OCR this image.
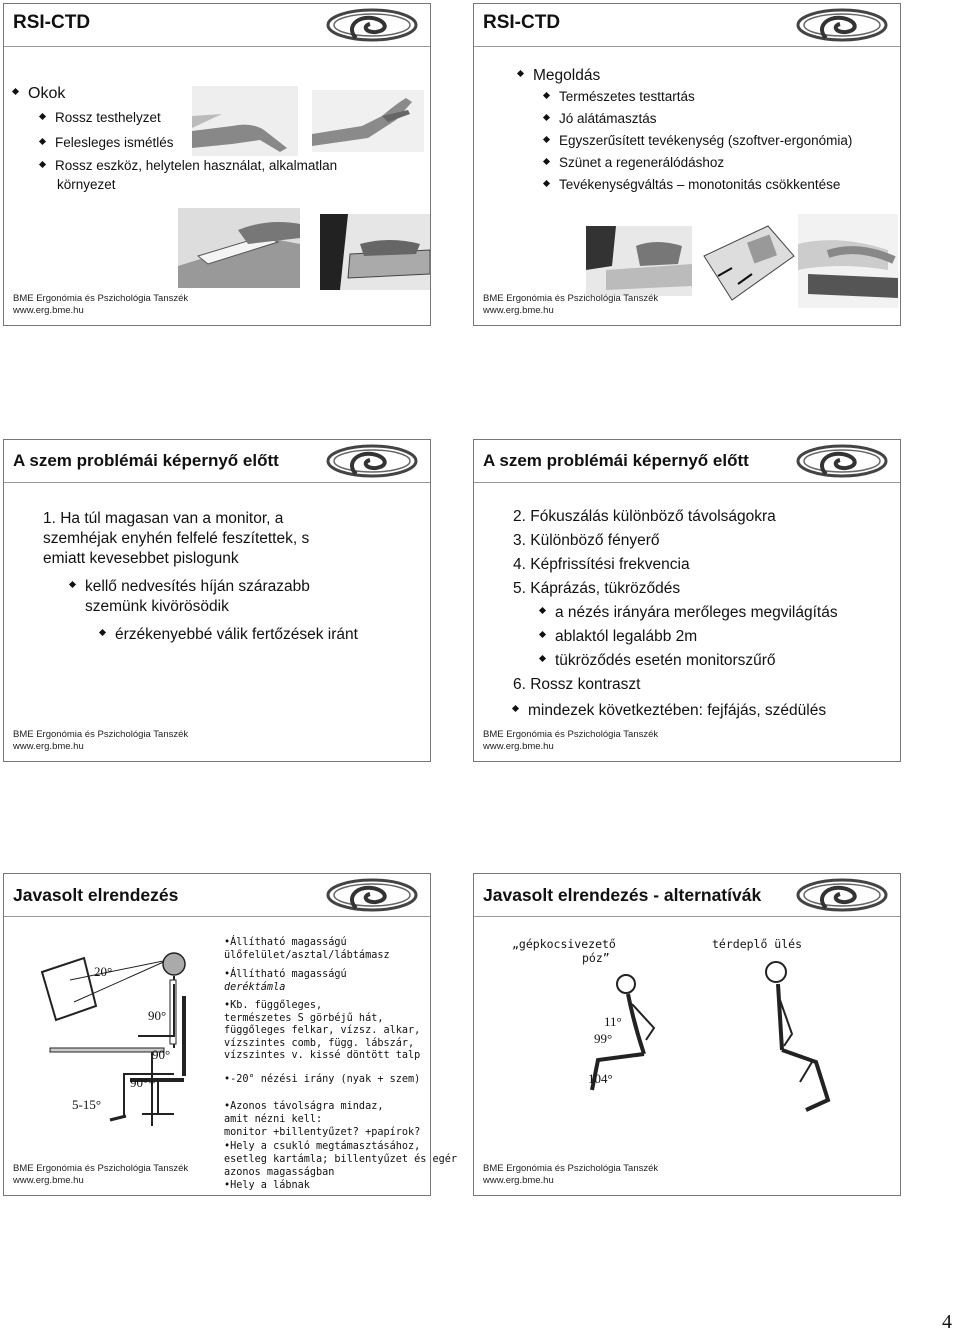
RSI-CTD
Okok
Rossz testhelyzet
Felesleges ismétlés
Rossz eszköz, helytelen használat, alkalmatlan
környezet
BME Ergonómia és Pszichológia Tanszék
www.erg.bme.hu
RSI-CTD
Megoldás
Természetes testtartás
Jó alátámasztás
Egyszerűsített tevékenység (szoftver-ergonómia)
Szünet a regenerálódáshoz
Tevékenységváltás – monotonitás csökkentése
BME Ergonómia és Pszichológia Tanszék
www.erg.bme.hu
A szem problémái képernyő előtt
1. Ha túl magasan van a monitor, a
szemhéjak enyhén felfelé feszítettek, s
emiatt kevesebbet pislogunk
kellő nedvesítés híján szárazabb
szemünk kivörösödik
érzékenyebbé válik fertőzések iránt
BME Ergonómia és Pszichológia Tanszék
www.erg.bme.hu
A szem problémái képernyő előtt
2. Fókuszálás különböző távolságokra
3. Különböző fényerő
4. Képfrissítési frekvencia
5. Káprázás, tükröződés
a nézés irányára merőleges megvilágítás
ablaktól legalább 2m
tükröződés esetén monitorszűrő
6. Rossz kontraszt
mindezek következtében: fejfájás, szédülés
BME Ergonómia és Pszichológia Tanszék
www.erg.bme.hu
Javasolt elrendezés
20°
90°
90°
90°+
5-15°
•Állítható magasságú
ülőfelület/asztal/lábtámasz
•Állítható magasságú
deréktámla
•Kb. függőleges,
természetes S görbéjű hát,
függőleges felkar, vízsz. alkar,
vízszintes comb, függ. lábszár,
vízszintes v. kissé döntött talp
•-20° nézési irány (nyak + szem)
•Azonos távolságra mindaz,
amit nézni kell:
monitor +billentyűzet? +papírok?
•Hely a csukló megtámasztásához,
esetleg kartámla; billentyűzet és egér
azonos magasságban
•Hely a lábnak
BME Ergonómia és Pszichológia Tanszék
www.erg.bme.hu
Javasolt elrendezés - alternatívák
„gépkocsivezető
póz”
térdeplő ülés
11°
99°
104°
BME Ergonómia és Pszichológia Tanszék
www.erg.bme.hu
4
